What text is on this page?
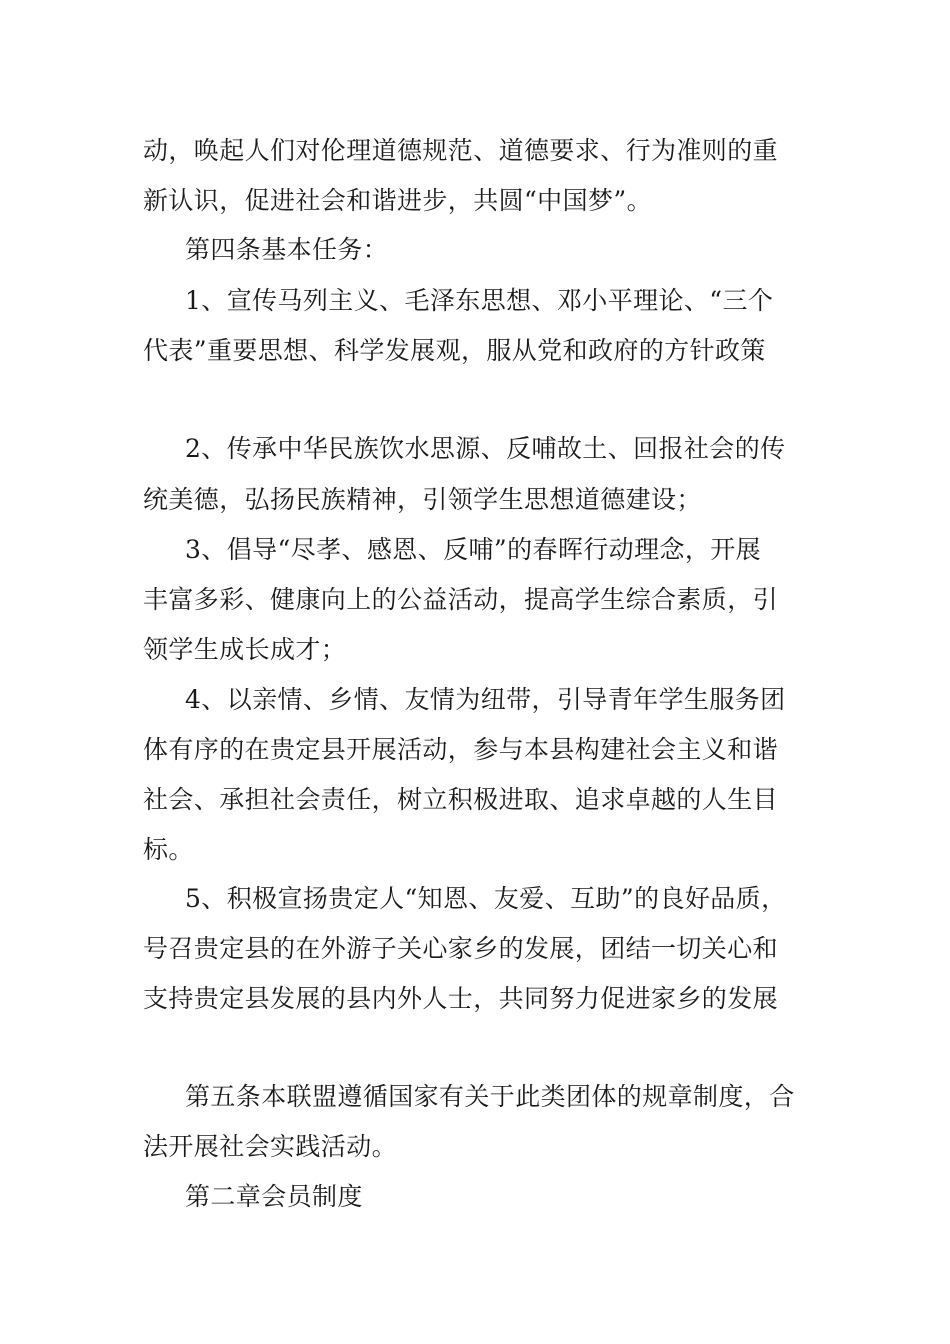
动，唤起人们对伦理道德规范、道德要求、行为准则的重
新认识，促进社会和谐进步，共圆“中国梦”。
第四条基本任务：
1、宣传马列主义、毛泽东思想、邓小平理论、“三个
代表”重要思想、科学发展观，服从党和政府的方针政策
2、传承中华民族饮水思源、反哺故土、回报社会的传
统美德，弘扬民族精神，引领学生思想道德建设；
3、倡导“尽孝、感恩、反哺”的春晖行动理念，开展
丰富多彩、健康向上的公益活动，提高学生综合素质，引
领学生成长成才；
4、以亲情、乡情、友情为纽带，引导青年学生服务团
体有序的在贵定县开展活动，参与本县构建社会主义和谐
社会、承担社会责任，树立积极进取、追求卓越的人生目
标。
5、积极宣扬贵定人“知恩、友爱、互助”的良好品质，
号召贵定县的在外游子关心家乡的发展，团结一切关心和
支持贵定县发展的县内外人士，共同努力促进家乡的发展
第五条本联盟遵循国家有关于此类团体的规章制度，合
法开展社会实践活动。
第二章会员制度
